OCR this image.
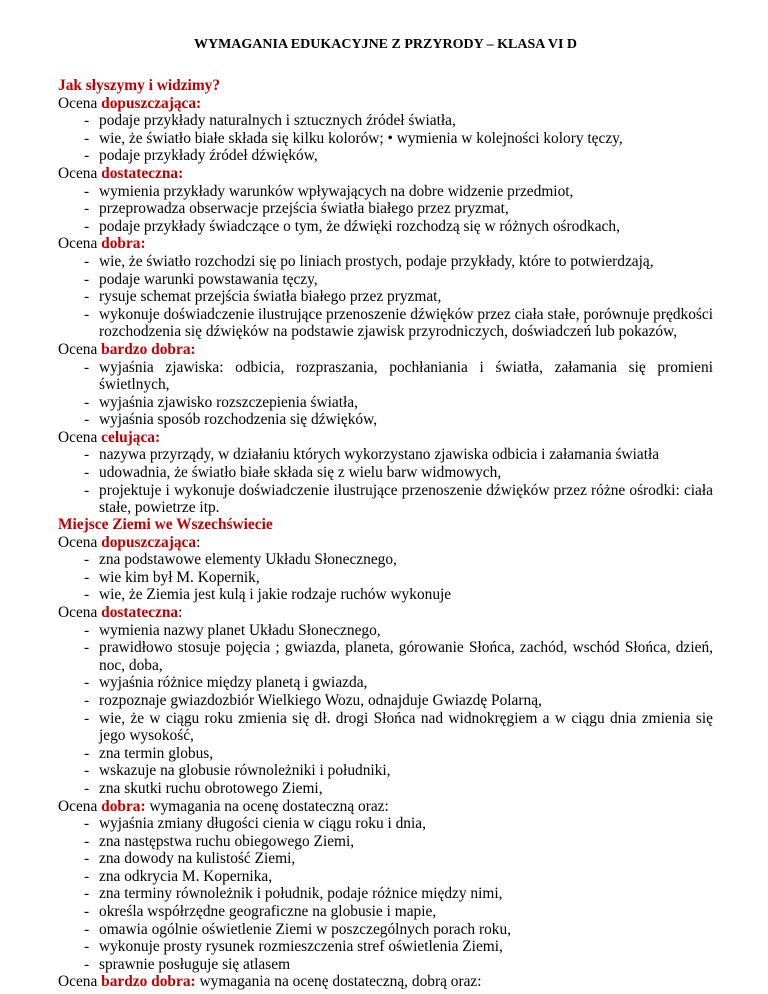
WYMAGANIA EDUKACYJNE Z PRZYRODY – KLASA VI D
Jak słyszymy i widzimy?
Ocena dopuszczająca:
- podaje przykłady naturalnych i sztucznych źródeł światła,
- wie, że światło białe składa się kilku kolorów; • wymienia w kolejności kolory tęczy,
- podaje przykłady źródeł dźwięków,
Ocena dostateczna:
- wymienia przykłady warunków wpływających na dobre widzenie przedmiot,
- przeprowadza obserwacje przejścia światła białego przez pryzmat,
- podaje przykłady świadczące o tym, że dźwięki rozchodzą się w różnych ośrodkach,
Ocena dobra:
- wie, że światło rozchodzi się po liniach prostych, podaje przykłady, które to potwierdzają,
- podaje warunki powstawania tęczy,
- rysuje schemat przejścia światła białego przez pryzmat,
- wykonuje doświadczenie ilustrujące przenoszenie dźwięków przez ciała stałe, porównuje prędkości rozchodzenia się dźwięków na podstawie zjawisk przyrodniczych, doświadczeń lub pokazów,
Ocena bardzo dobra:
- wyjaśnia zjawiska: odbicia, rozpraszania, pochłaniania i światła, załamania się promieni świetlnych,
- wyjaśnia zjawisko rozszczepienia światła,
- wyjaśnia sposób rozchodzenia się dźwięków,
Ocena celująca:
- nazywa przyrządy, w działaniu których wykorzystano zjawiska odbicia i załamania światła
- udowadnia, że światło białe składa się z wielu barw widmowych,
- projektuje i wykonuje doświadczenie ilustrujące przenoszenie dźwięków przez różne ośrodki: ciała stałe, powietrze itp.
Miejsce Ziemi we Wszechświecie
Ocena dopuszczająca:
- zna podstawowe elementy Układu Słonecznego,
- wie kim był M. Kopernik,
- wie, że Ziemia jest kulą i jakie rodzaje ruchów wykonuje
Ocena dostateczna:
- wymienia nazwy planet Układu Słonecznego,
- prawidłowo stosuje pojęcia ; gwiazda, planeta, górowanie Słońca, zachód, wschód Słońca, dzień, noc, doba,
- wyjaśnia różnice między planetą i gwiazda,
- rozpoznaje gwiazdozbiór Wielkiego Wozu, odnajduje Gwiazdę Polarną,
- wie, że w ciągu roku zmienia się dł. drogi Słońca nad widnokręgiem a w ciągu dnia zmienia się jego wysokość,
- zna termin globus,
- wskazuje na globusie równoleżniki i południki,
- zna skutki ruchu obrotowego Ziemi,
Ocena dobra: wymagania na ocenę dostateczną oraz:
- wyjaśnia zmiany długości cienia w ciągu roku i dnia,
- zna następstwa ruchu obiegowego Ziemi,
- zna dowody na kulistość Ziemi,
- zna odkrycia M. Kopernika,
- zna terminy równoleżnik i południk, podaje różnice między nimi,
- określa współrzędne geograficzne na globusie i mapie,
- omawia ogólnie oświetlenie Ziemi w poszczególnych porach roku,
- wykonuje prosty rysunek rozmieszczenia stref oświetlenia Ziemi,
- sprawnie posługuje się atlasem
Ocena bardzo dobra: wymagania na ocenę dostateczną, dobrą oraz:
